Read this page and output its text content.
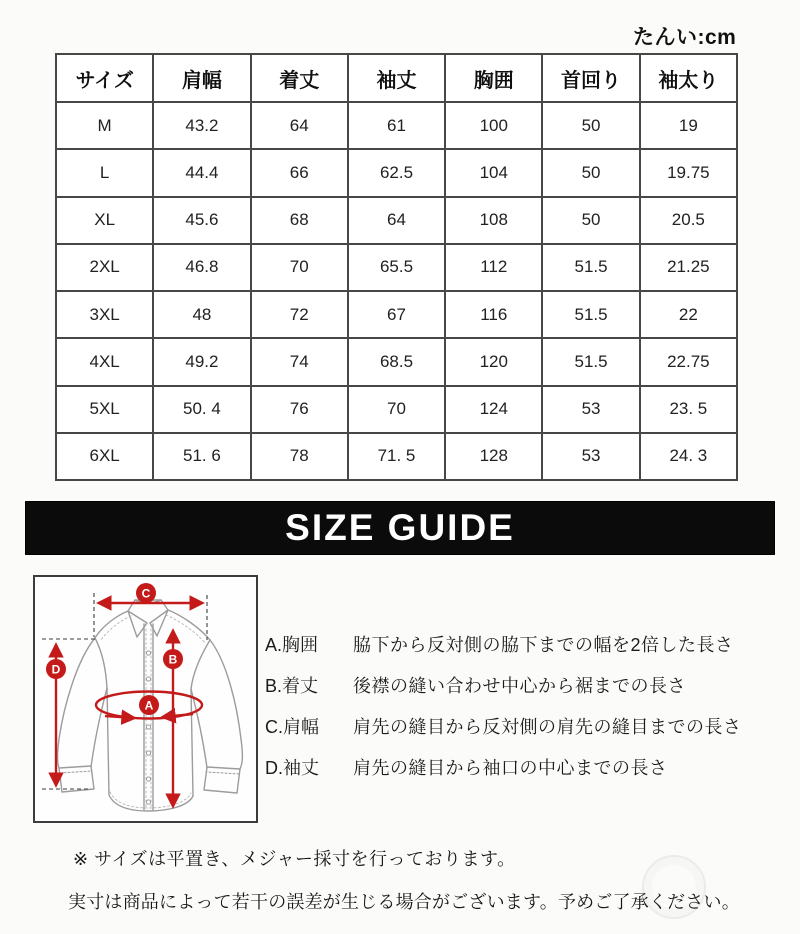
たんい:cm
サイズ	肩幅	着丈	袖丈	胸囲	首回り	袖太り
M	43.2	64	61	100	50	19
L	44.4	66	62.5	104	50	19.75
XL	45.6	68	64	108	50	20.5
2XL	46.8	70	65.5	112	51.5	21.25
3XL	48	72	67	116	51.5	22
4XL	49.2	74	68.5	120	51.5	22.75
5XL	50. 4	76	70	124	53	23. 5
6XL	51. 6	78	71. 5	128	53	24. 3
SIZE GUIDE
C
B
A
D
A.胸囲	脇下から反対側の脇下までの幅を2倍した長さ
B.着丈	後襟の縫い合わせ中心から裾までの長さ
C.肩幅	肩先の縫目から反対側の肩先の縫目までの長さ
D.袖丈	肩先の縫目から袖口の中心までの長さ
※ サイズは平置き、メジャー採寸を行っております。
実寸は商品によって若干の誤差が生じる場合がございます。予めご了承ください。
